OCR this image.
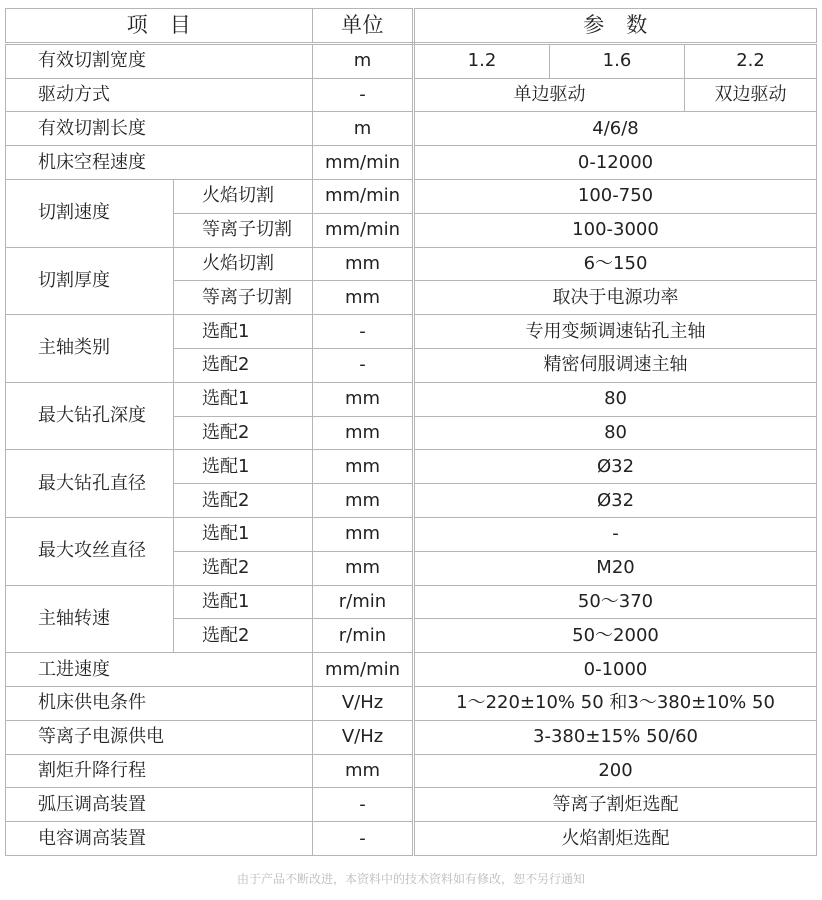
项　目		单位	参　数		
有效切割宽度		m	1.2	1.6	2.2
驱动方式		-	单边驱动		双边驱动
有效切割长度		m	4/6/8		
机床空程速度		mm/min	0-12000		
切割速度	火焰切割	mm/min	100-750		
	等离子切割	mm/min	100-3000		
切割厚度	火焰切割	mm	6～150		
	等离子切割	mm	取决于电源功率		
主轴类别	选配1	-	专用变频调速钻孔主轴		
	选配2	-	精密伺服调速主轴		
最大钻孔深度	选配1	mm	80		
	选配2	mm	80		
最大钻孔直径	选配1	mm	Ø32		
	选配2	mm	Ø32		
最大攻丝直径	选配1	mm	-		
	选配2	mm	M20		
主轴转速	选配1	r/min	50～370		
	选配2	r/min	50～2000		
工进速度		mm/min	0-1000		
机床供电条件		V/Hz	1～220±10% 50 和3～380±10% 50		
等离子电源供电		V/Hz	3-380±15% 50/60		
割炬升降行程		mm	200		
弧压调高装置		-	等离子割炬选配		
电容调高装置		-	火焰割炬选配		
由于产品不断改进，本资料中的技术资料如有修改，恕不另行通知
